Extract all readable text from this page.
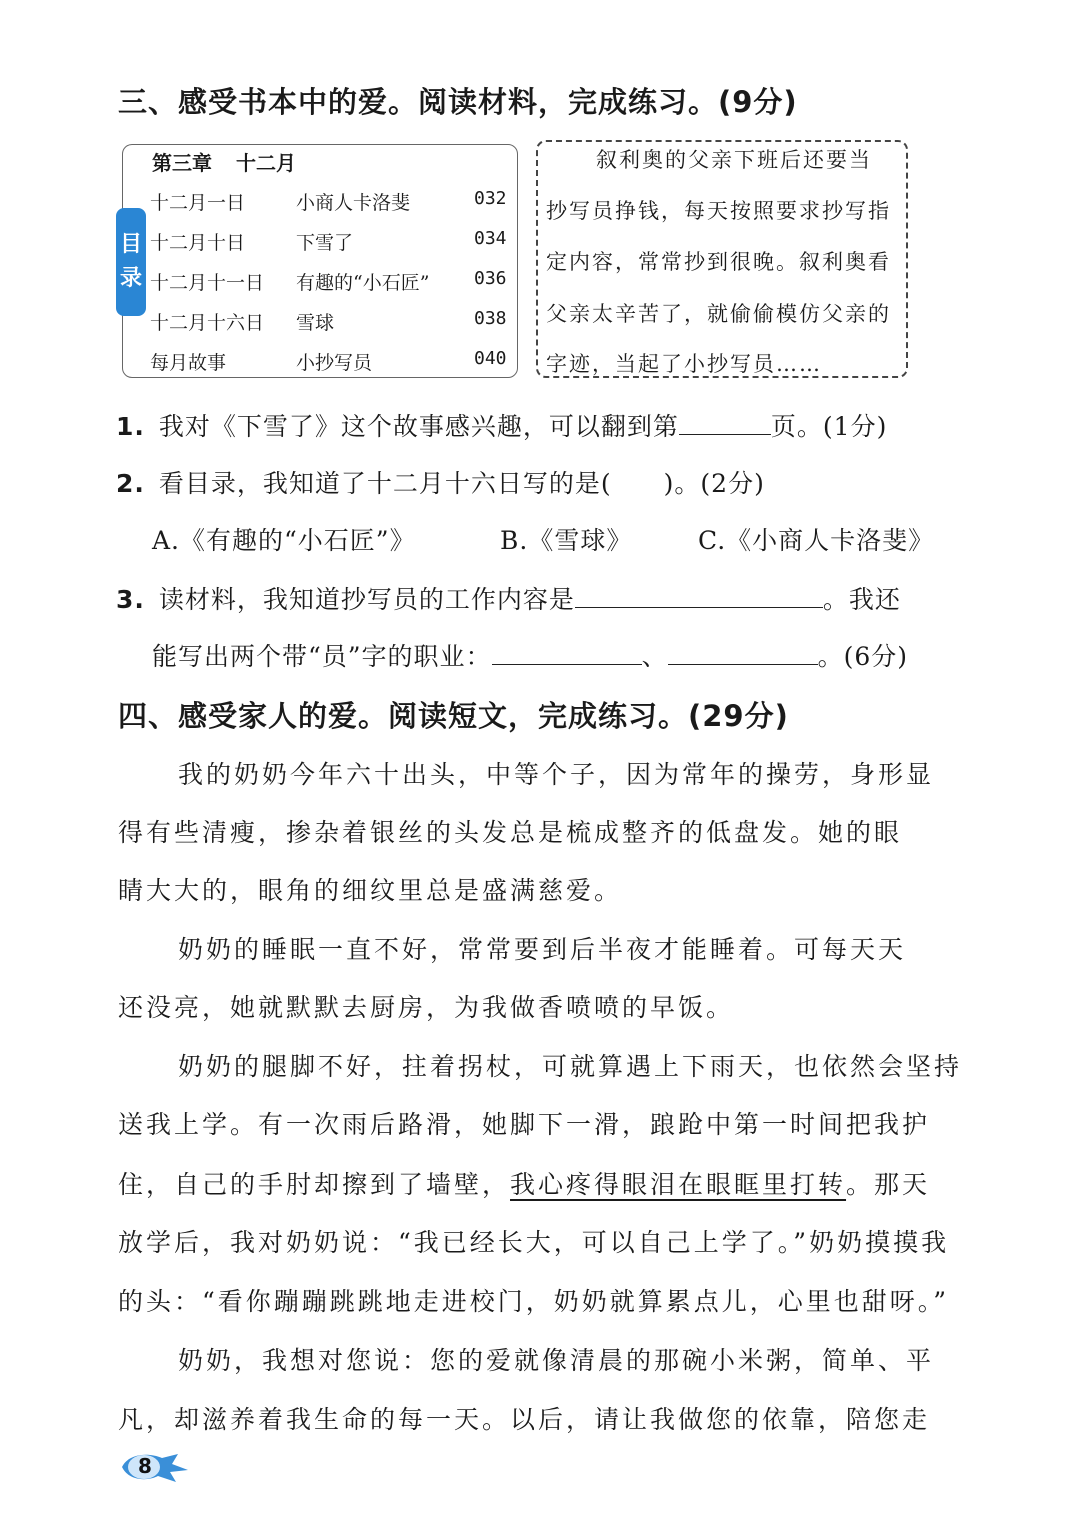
三、感受书本中的爱。阅读材料，完成练习。(9分)
目
录
第三章 十二月
十二月一日	小商人卡洛斐	032
十二月十日	下雪了	034
十二月十一日 有趣的“小石匠” 036
十二月十六日 雪球	038
每月故事	小抄写员	040
叙利奥的父亲下班后还要当
抄写员挣钱，每天按照要求抄写指
定内容，常常抄到很晚。叙利奥看
父亲太辛苦了，就偷偷模仿父亲的
字迹，当起了小抄写员……
1. 我对《下雪了》这个故事感兴趣，可以翻到第	页。(1分)
2. 看目录，我知道了十二月十六日写的是(　　)。(2分)
A.《有趣的“小石匠”》	B.《雪球》	C.《小商人卡洛斐》
3. 读材料，我知道抄写员的工作内容是	。我还
能写出两个带“员”字的职业：	、	。(6分)
四、感受家人的爱。阅读短文，完成练习。(29分)
我的奶奶今年六十出头，中等个子，因为常年的操劳，身形显
得有些清瘦，掺杂着银丝的头发总是梳成整齐的低盘发。她的眼
睛大大的，眼角的细纹里总是盛满慈爱。
奶奶的睡眠一直不好，常常要到后半夜才能睡着。可每天天
还没亮，她就默默去厨房，为我做香喷喷的早饭。
奶奶的腿脚不好，拄着拐杖，可就算遇上下雨天，也依然会坚持
送我上学。有一次雨后路滑，她脚下一滑，踉跄中第一时间把我护
住，自己的手肘却擦到了墙壁，我心疼得眼泪在眼眶里打转。那天
放学后，我对奶奶说：“我已经长大，可以自己上学了。”奶奶摸摸我
的头：“看你蹦蹦跳跳地走进校门，奶奶就算累点儿，心里也甜呀。”
奶奶，我想对您说：您的爱就像清晨的那碗小米粥，简单、平
凡，却滋养着我生命的每一天。以后，请让我做您的依靠，陪您走
8
